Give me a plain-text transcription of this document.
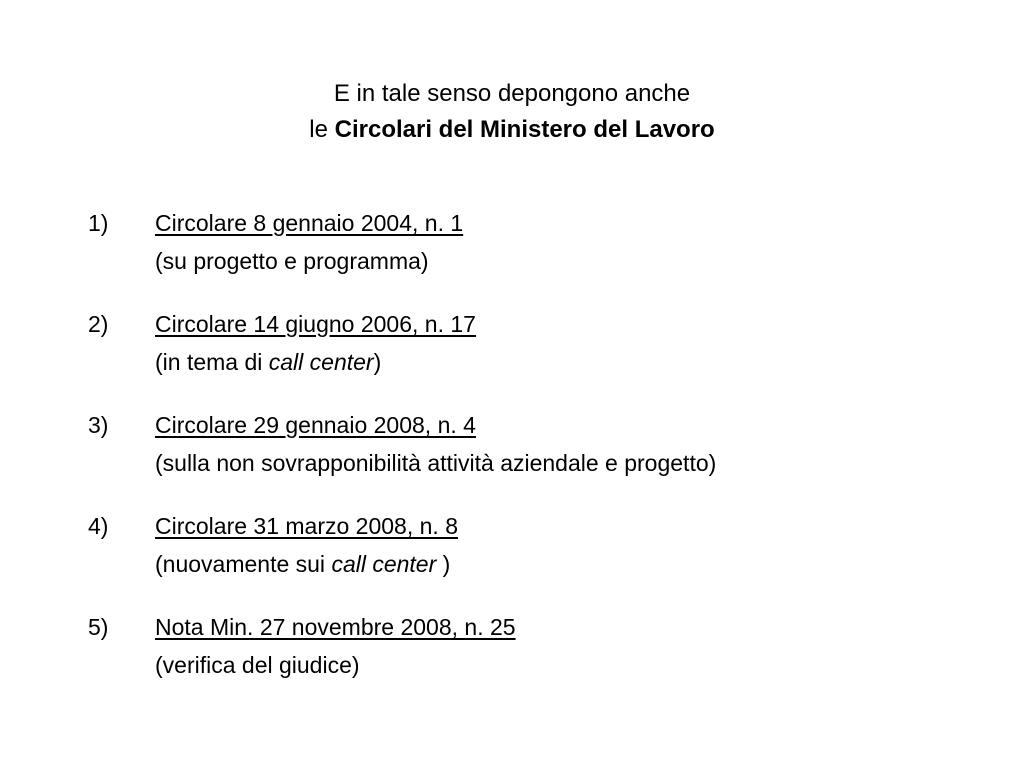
E in tale senso depongono anche
le Circolari del Ministero del Lavoro
1) Circolare 8 gennaio 2004, n. 1
(su progetto e programma)
2) Circolare 14 giugno 2006, n. 17
(in tema di call center)
3) Circolare 29 gennaio 2008, n. 4
(sulla non sovrapponibilità attività aziendale e progetto)
4) Circolare 31 marzo 2008, n. 8
(nuovamente sui call center )
5) Nota Min. 27 novembre 2008, n. 25
(verifica del giudice)
